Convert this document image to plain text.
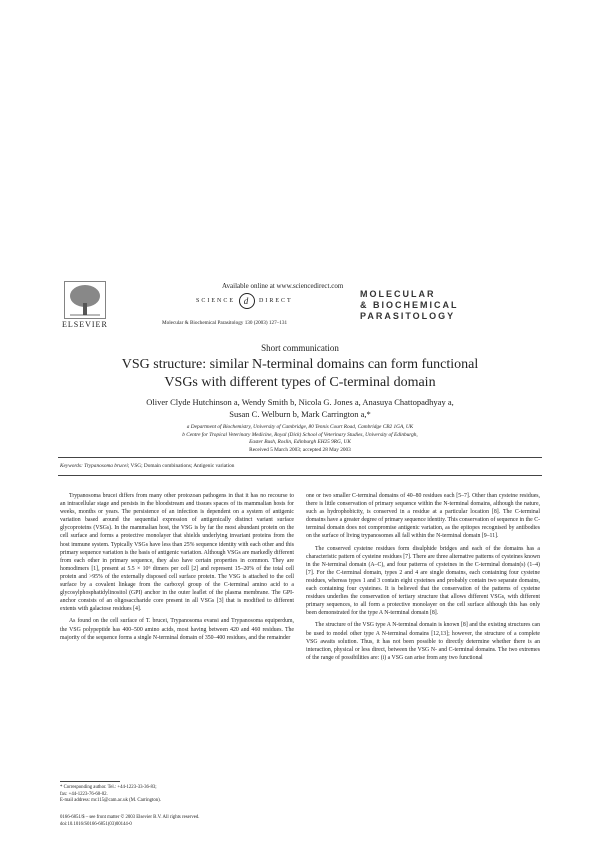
Available online at www.sciencedirect.com
SCIENCE d	DIRECT
ELSEVIER	Molecular & Biochemical Parasitology 130 (2003) 127–131
MOLECULAR
& BIOCHEMICAL
PARASITOLOGY
Short communication
VSG structure: similar N-terminal domains can form functional
VSGs with different types of C-terminal domain
Oliver Clyde Hutchinson a, Wendy Smith b, Nicola G. Jones a, Anasuya Chattopadhyay a,
Susan C. Welburn b, Mark Carrington a,*
a Department of Biochemistry, University of Cambridge, 80 Tennis Court Road, Cambridge CB2 1GA, UK
b Centre for Tropical Veterinary Medicine, Royal (Dick) School of Veterinary Studies, University of Edinburgh,
Easter Bush, Roslin, Edinburgh EH25 9RG, UK
Received 5 March 2003; accepted 28 May 2003
Keywords: Trypanosoma brucei; VSG; Domain combinations; Antigenic variation

Trypanosoma brucei differs from many other protozoan pathogens in that it has no recourse to an intracellular stage and persists in the bloodstream and tissues spaces of its mammalian hosts for weeks, months or years. The persistence of an infection is dependent on a system of antigenic variation based around the sequential expression of antigenically distinct variant surface glycoproteins (VSGs). In the mammalian host, the VSG is by far the most abundant protein on the cell surface and forms a protective monolayer that shields underlying invariant proteins from the host immune system. Typically VSGs have less than 25% sequence identity with each other and this primary sequence variation is the basis of antigenic variation. Although VSGs are markedly different from each other in primary sequence, they also have certain properties in common. They are homodimers [1], present at 5.5 × 10⁶ dimers per cell [2] and represent 15–20% of the total cell protein and >95% of the externally disposed cell surface protein. The VSG is attached to the cell surface by a covalent linkage from the carboxyl group of the C-terminal amino acid to a glycosylphosphatidylinositol (GPI) anchor in the outer leaflet of the plasma membrane. The GPI-anchor consists of an oligosaccharide core present in all VSGs [3] that is modified to different extents with galactose residues [4].

As found on the cell surface of T. brucei, Trypanosoma evansi and Trypanosoma equiperdum, the VSG polypeptide has 400–500 amino acids, most having between 420 and 460 residues. The majority of the sequence forms a single N-terminal domain of 350–400 residues, and the remainder

one or two smaller C-terminal domains of 40–80 residues each [5–7]. Other than cysteine residues, there is little conservation of primary sequence within the N-terminal domains, although the nature, such as hydrophobicity, is conserved in a residue at a particular location [8]. The C-terminal domains have a greater degree of primary sequence identity. This conservation of sequence in the C-terminal domain does not compromise antigenic variation, as the epitopes recognised by antibodies on the surface of living trypanosomes all fall within the N-terminal domain [9–11].

The conserved cysteine residues form disulphide bridges and each of the domains has a characteristic pattern of cysteine residues [7]. There are three alternative patterns of cysteines known in the N-terminal domain (A–C), and four patterns of cysteines in the C-terminal domain(s) (1–4) [7]. For the C-terminal domain, types 2 and 4 are single domains, each containing four cysteine residues, whereas types 1 and 3 contain eight cysteines and probably contain two separate domains, each containing four cysteines. It is believed that the conservation of the patterns of cysteine residues underlies the conservation of tertiary structure that allows different VSGs, with different primary sequences, to all form a protective monolayer on the cell surface although this has only been demonstrated for the type A N-terminal domain [8].

The structure of the VSG type A N-terminal domain is known [8] and the existing structures can be used to model other type A N-terminal domains [12,13]; however, the structure of a complete VSG awaits solution. Thus, it has not been possible to directly determine whether there is an interaction, physical or less direct, between the VSG N- and C-terminal domains. The two extremes of the range of possibilities are: (i) a VSG can arise from any two functional

* Corresponding author. Tel.: +44-1223-33-36-83;
fax: +44-1223-76-60-02.
E-mail address: mc115@cam.ac.uk (M. Carrington).
0166-6851/$ – see front matter © 2003 Elsevier B.V. All rights reserved.
doi:10.1016/S0166-6851(03)00144-0
